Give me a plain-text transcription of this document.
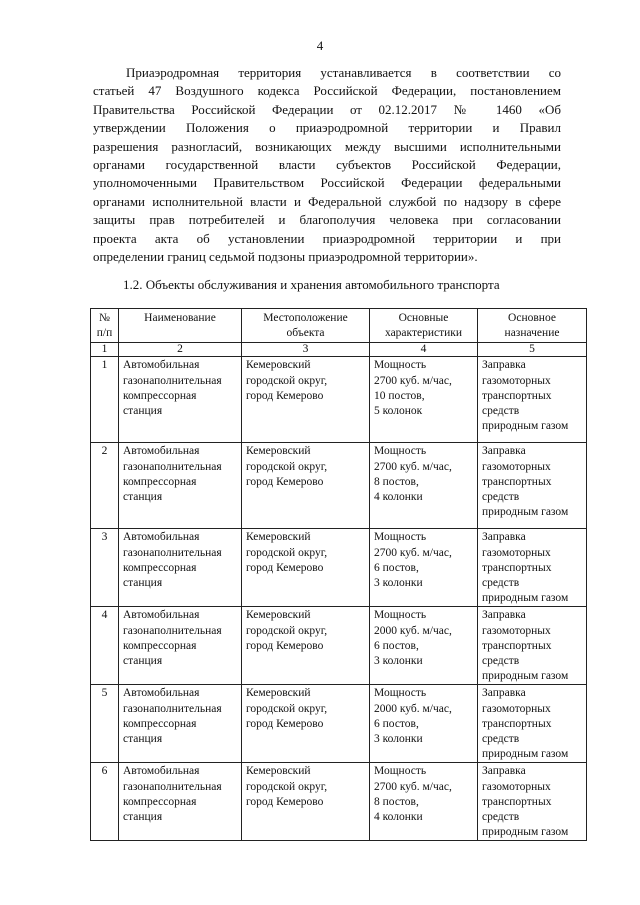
4
Приаэродромная территория устанавливается в соответствии со
статьей 47 Воздушного кодекса Российской Федерации, постановлением
Правительства Российской Федерации от 02.12.2017 № 1460 «Об
утверждении Положения о приаэродромной территории и Правил
разрешения разногласий, возникающих между высшими исполнительными
органами государственной власти субъектов Российской Федерации,
уполномоченными Правительством Российской Федерации федеральными
органами исполнительной власти и Федеральной службой по надзору в сфере
защиты прав потребителей и благополучия человека при согласовании
проекта акта об установлении приаэродромной территории и при
определении границ седьмой подзоны приаэродромной территории».
1.2. Объекты обслуживания и хранения автомобильного транспорта
№
п/п	Наименование	Местоположение
объекта	Основные
характеристики	Основное
назначение

1	2	3	4	5
1	Автомобильная
газонаполнительная
компрессорная
станция	Кемеровский
городской округ,
город Кемерово	Мощность
2700 куб. м/час,
10 постов,
5 колонок	Заправка
газомоторных
транспортных
средств
природным газом

2	Автомобильная
газонаполнительная
компрессорная
станция	Кемеровский
городской округ,
город Кемерово	Мощность
2700 куб. м/час,
8 постов,
4 колонки	Заправка
газомоторных
транспортных
средств
природным газом

3	Автомобильная
газонаполнительная
компрессорная
станция	Кемеровский
городской округ,
город Кемерово	Мощность
2700 куб. м/час,
6 постов,
3 колонки	Заправка
газомоторных
транспортных
средств
природным газом

4	Автомобильная
газонаполнительная
компрессорная
станция	Кемеровский
городской округ,
город Кемерово	Мощность
2000 куб. м/час,
6 постов,
3 колонки	Заправка
газомоторных
транспортных
средств
природным газом

5	Автомобильная
газонаполнительная
компрессорная
станция	Кемеровский
городской округ,
город Кемерово	Мощность
2000 куб. м/час,
6 постов,
3 колонки	Заправка
газомоторных
транспортных
средств
природным газом

6	Автомобильная
газонаполнительная
компрессорная
станция	Кемеровский
городской округ,
город Кемерово	Мощность
2700 куб. м/час,
8 постов,
4 колонки	Заправка
газомоторных
транспортных
средств
природным газом
